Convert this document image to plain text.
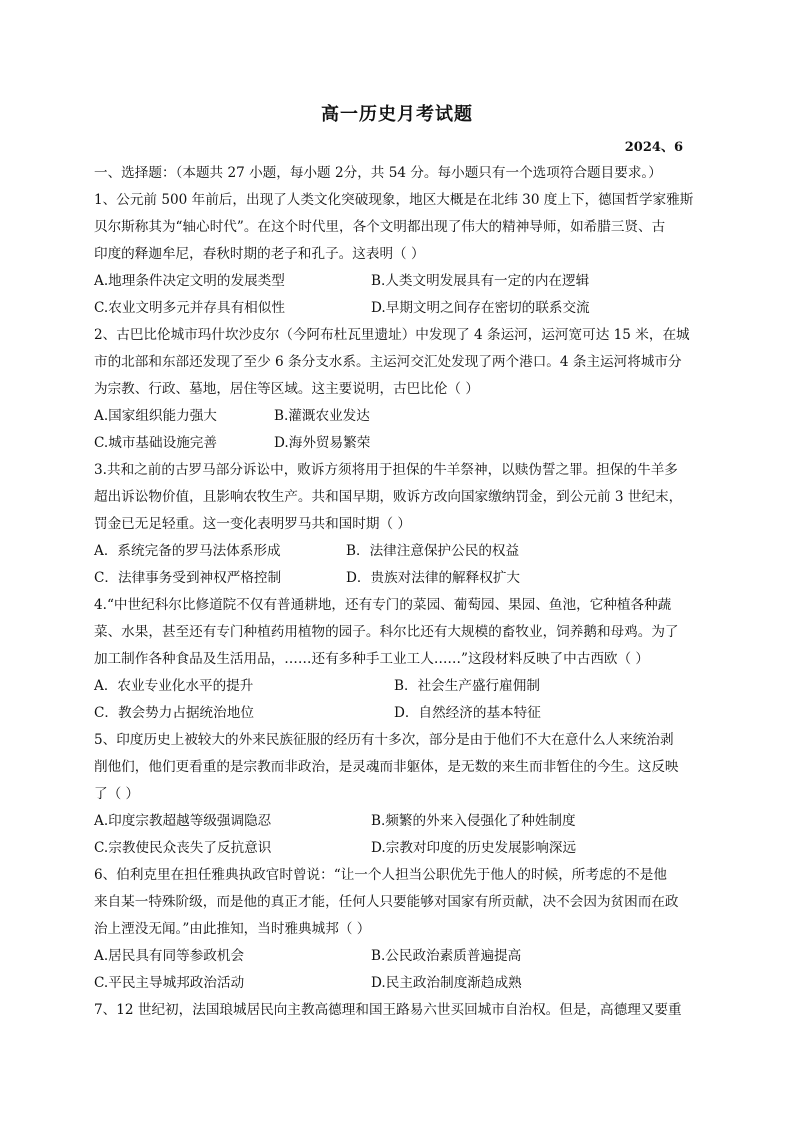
高一历史月考试题
2024、6
一、选择题：（本题共 27 小题，每小题 2分，共 54 分。每小题只有一个选项符合题目要求。）
1、公元前 500 年前后，出现了人类文化突破现象，地区大概是在北纬 30 度上下，德国哲学家雅斯
贝尔斯称其为“轴心时代”。在这个时代里，各个文明都出现了伟大的精神导师，如希腊三贤、古
印度的释迦牟尼，春秋时期的老子和孔子。这表明（ ）
A.地理条件决定文明的发展类型	B.人类文明发展具有一定的内在逻辑
C.农业文明多元并存具有相似性	D.早期文明之间存在密切的联系交流
2、古巴比伦城市玛什坎沙皮尔（今阿布杜瓦里遗址）中发现了 4 条运河，运河宽可达 15 米，在城
市的北部和东部还发现了至少 6 条分支水系。主运河交汇处发现了两个港口。4 条主运河将城市分
为宗教、行政、墓地，居住等区域。这主要说明，古巴比伦（ ）
A.国家组织能力强大	B.灌溉农业发达
C.城市基础设施完善	D.海外贸易繁荣
3.共和之前的古罗马部分诉讼中，败诉方须将用于担保的牛羊祭神，以赎伪誓之罪。担保的牛羊多
超出诉讼物价值，且影响农牧生产。共和国早期，败诉方改向国家缴纳罚金，到公元前 3 世纪末，
罚金已无足轻重。这一变化表明罗马共和国时期（ ）
A．系统完备的罗马法体系形成	B．法律注意保护公民的权益
C．法律事务受到神权严格控制	D．贵族对法律的解释权扩大
4.“中世纪科尔比修道院不仅有普通耕地，还有专门的菜园、葡萄园、果园、鱼池，它种植各种蔬
菜、水果，甚至还有专门种植药用植物的园子。科尔比还有大规模的畜牧业，饲养鹅和母鸡。为了
加工制作各种食品及生活用品，……还有多种手工业工人……”这段材料反映了中古西欧（ ）
A．农业专业化水平的提升	B．社会生产盛行雇佣制
C．教会势力占据统治地位	D．自然经济的基本特征
5、印度历史上被较大的外来民族征服的经历有十多次，部分是由于他们不大在意什么人来统治剥
削他们，他们更看重的是宗教而非政治，是灵魂而非躯体，是无数的来生而非暂住的今生。这反映
了（ ）
A.印度宗教超越等级强调隐忍	B.频繁的外来入侵强化了种姓制度
C.宗教使民众丧失了反抗意识	D.宗教对印度的历史发展影响深远
6、伯利克里在担任雅典执政官时曾说：“让一个人担当公职优先于他人的时候，所考虑的不是他
来自某一特殊阶级，而是他的真正才能，任何人只要能够对国家有所贡献，决不会因为贫困而在政
治上湮没无闻。”由此推知，当时雅典城邦（ ）
A.居民具有同等参政机会	B.公民政治素质普遍提高
C.平民主导城邦政治活动	D.民主政治制度渐趋成熟
7、12 世纪初，法国琅城居民向主教高德理和国王路易六世买回城市自治权。但是，高德理又要重
